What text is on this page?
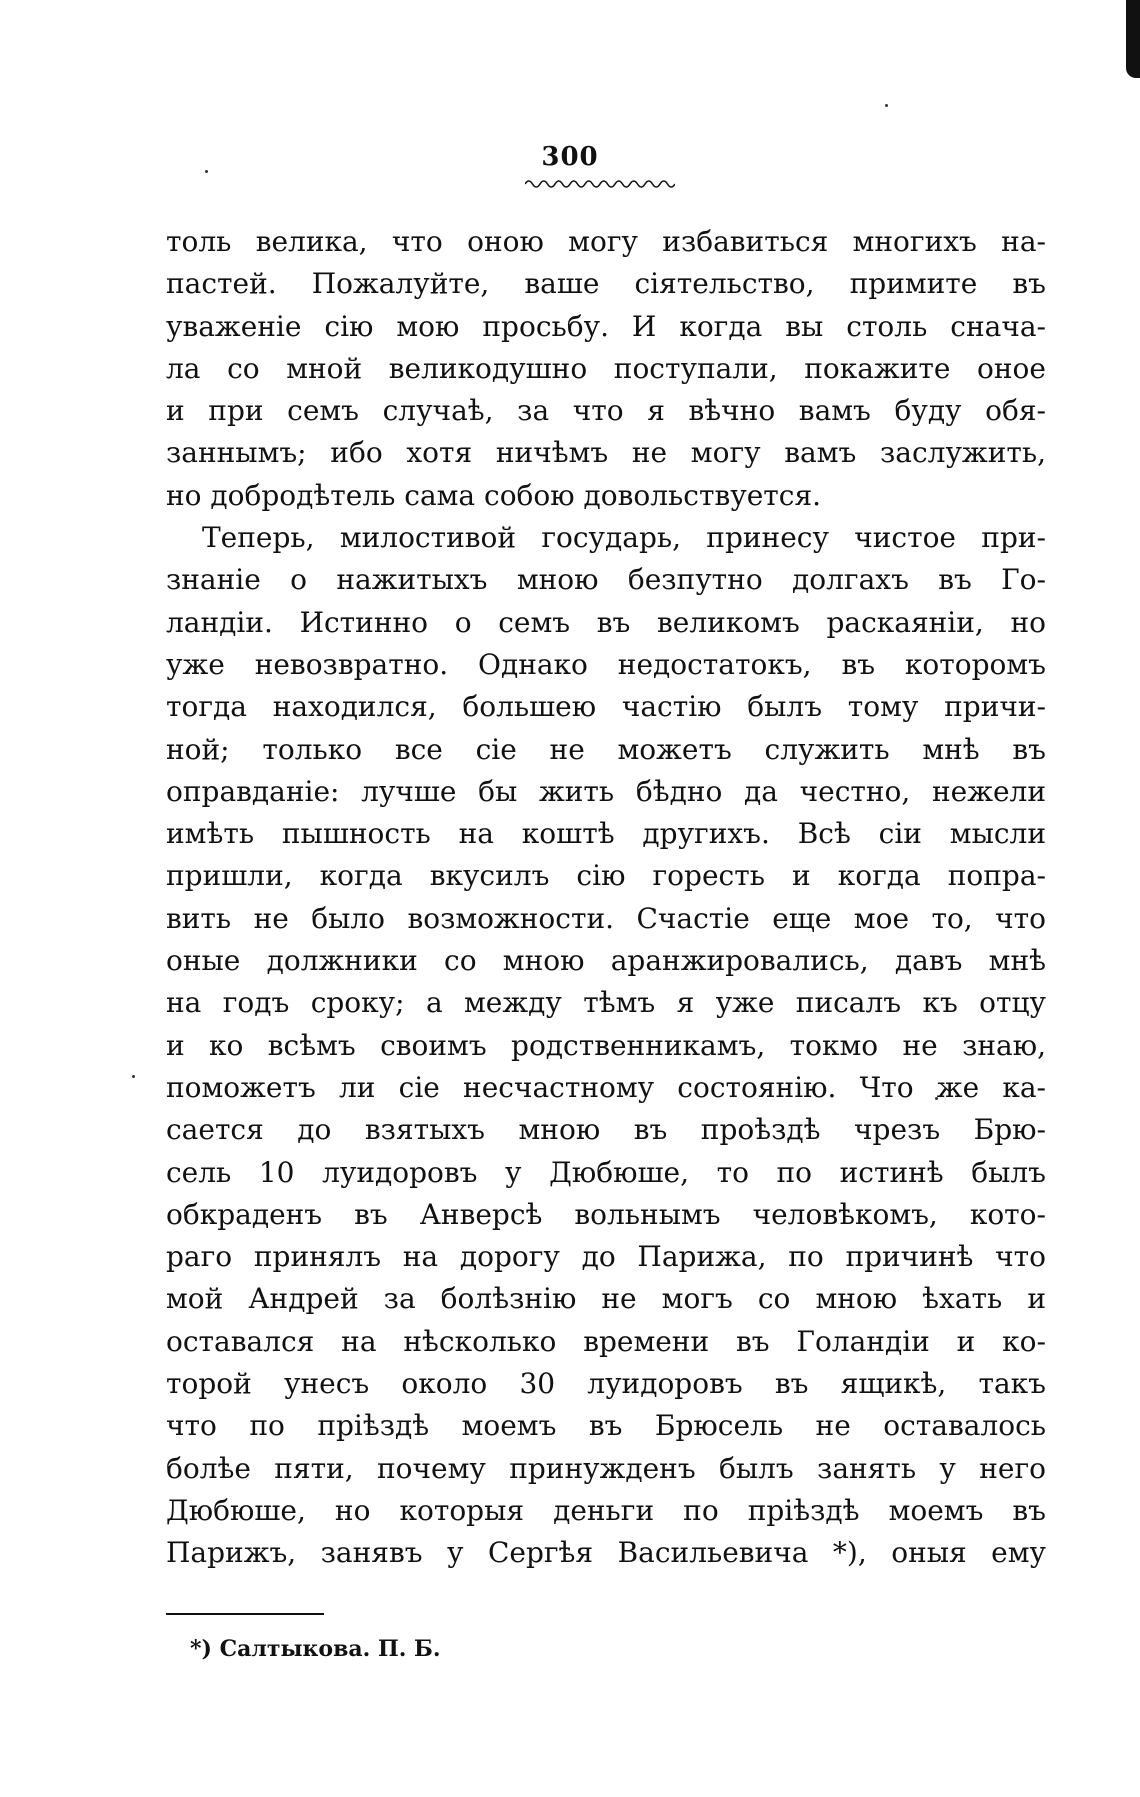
300
толь велика, что оною могу избавиться многихъ на-
пастей. Пожалуйте, ваше сіятельство, примите въ
уваженіе сію мою просьбу. И когда вы столь снача-
ла со мной великодушно поступали, покажите оное
и при семъ случаѣ, за что я вѣчно вамъ буду обя-
заннымъ; ибо хотя ничѣмъ не могу вамъ заслужить,
но добродѣтель сама собою довольствуется.
Теперь, милостивой государь, принесу чистое при-
знаніе о нажитыхъ мною безпутно долгахъ въ Го-
ландіи. Истинно о семъ въ великомъ раскаяніи, но
уже невозвратно. Однако недостатокъ, въ которомъ
тогда находился, большею частію былъ тому причи-
ной; только все сіе не можетъ служить мнѣ въ
оправданіе: лучше бы жить бѣдно да честно, нежели
имѣть пышность на коштѣ другихъ. Всѣ сіи мысли
пришли, когда вкусилъ сію горесть и когда попра-
вить не было возможности. Счастіе еще мое то, что
оные должники со мною аранжировались, давъ мнѣ
на годъ сроку; а между тѣмъ я уже писалъ къ отцу
и ко всѣмъ своимъ родственникамъ, токмо не знаю,
поможетъ ли сіе несчастному состоянію. Что же ка-
сается до взятыхъ мною въ проѣздѣ чрезъ Брю-
сель 10 луидоровъ у Дюбюше, то по истинѣ былъ
обкраденъ въ Анверсѣ вольнымъ человѣкомъ, кото-
раго принялъ на дорогу до Парижа, по причинѣ что
мой Андрей за болѣзнію не могъ со мною ѣхать и
оставался на нѣсколько времени въ Голандіи и ко-
торой унесъ около 30 луидоровъ въ ящикѣ, такъ
что по пріѣздѣ моемъ въ Брюсель не оставалось
болѣе пяти, почему принужденъ былъ занять у него
Дюбюше, но которыя деньги по пріѣздѣ моемъ въ
Парижъ, занявъ у Сергѣя Васильевича *), оныя ему
*) Салтыкова. П. Б.
